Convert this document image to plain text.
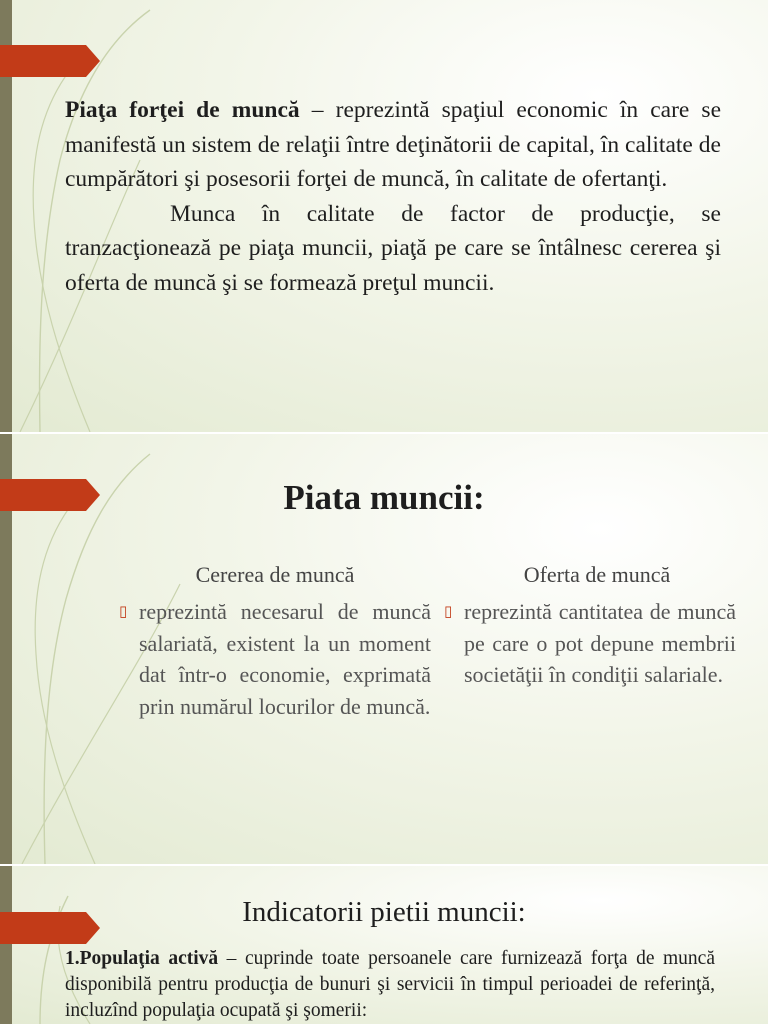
Piaţa forţei de muncă – reprezintă spaţiul economic în care se manifestă un sistem de relaţii între deţinătorii de capital, în calitate de cumpărători şi posesorii forţei de muncă, în calitate de ofertanţi.
Munca în calitate de factor de producţie, se tranzacţionează pe piaţa muncii, piaţă pe care se întâlnesc cererea şi oferta de muncă şi se formează preţul muncii.
Piata muncii:
Cererea de muncă
▯ reprezintă necesarul de muncă salariată, existent la un moment dat într-o economie, exprimată prin numărul locurilor de muncă.
Oferta de muncă
▯ reprezintă cantitatea de muncă pe care o pot depune membrii societăţii în condiţii salariale.
Indicatorii pietii muncii:
1.Populaţia activă – cuprinde toate persoanele care furnizează forţa de muncă disponibilă pentru producţia de bunuri şi servicii în timpul perioadei de referinţă, incluzînd populaţia ocupată şi şomerii:
